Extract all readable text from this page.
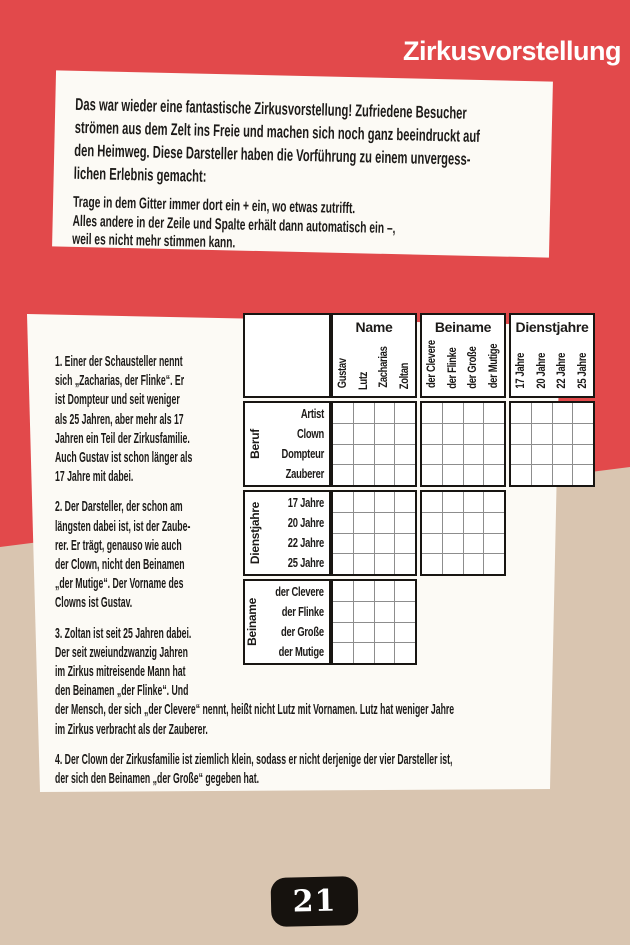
Zirkusvorstellung
Das war wieder eine fantastische Zirkusvorstellung! Zufriedene Besucher
strömen aus dem Zelt ins Freie und machen sich noch ganz beeindruckt auf
den Heimweg. Diese Darsteller haben die Vorführung zu einem unvergess-
lichen Erlebnis gemacht:
Trage in dem Gitter immer dort ein + ein, wo etwas zutrifft.
Alles andere in der Zeile und Spalte erhält dann automatisch ein –,
weil es nicht mehr stimmen kann.
1. Einer der Schausteller nennt
sich „Zacharias, der Flinke“. Er
ist Dompteur und seit weniger
als 25 Jahren, aber mehr als 17
Jahren ein Teil der Zirkusfamilie.
Auch Gustav ist schon länger als
17 Jahre mit dabei.
2. Der Darsteller, der schon am
längsten dabei ist, ist der Zaube-
rer. Er trägt, genauso wie auch
der Clown, nicht den Beinamen
„der Mutige“. Der Vorname des
Clowns ist Gustav.
3. Zoltan ist seit 25 Jahren dabei.
Der seit zweiundzwanzig Jahren
im Zirkus mitreisende Mann hat
den Beinamen „der Flinke“. Und
der Mensch, der sich „der Clevere“ nennt, heißt nicht Lutz mit Vornamen. Lutz hat weniger Jahre
im Zirkus verbracht als der Zauberer.
4. Der Clown der Zirkusfamilie ist ziemlich klein, sodass er nicht derjenige der vier Darsteller ist,
der sich den Beinamen „der Große“ gegeben hat.
Name
Gustav Lutz Zacharias Zoltan
Beiname
der Clevere der Flinke der Große der Mutige
Dienstjahre
17 Jahre 20 Jahre 22 Jahre 25 Jahre
Beruf
Artist
Clown
Dompteur
Zauberer
Dienstjahre	17 Jahre
20 Jahre
22 Jahre
25 Jahre
Beiname
der Clevere
der Flinke
der Große
der Mutige
21
